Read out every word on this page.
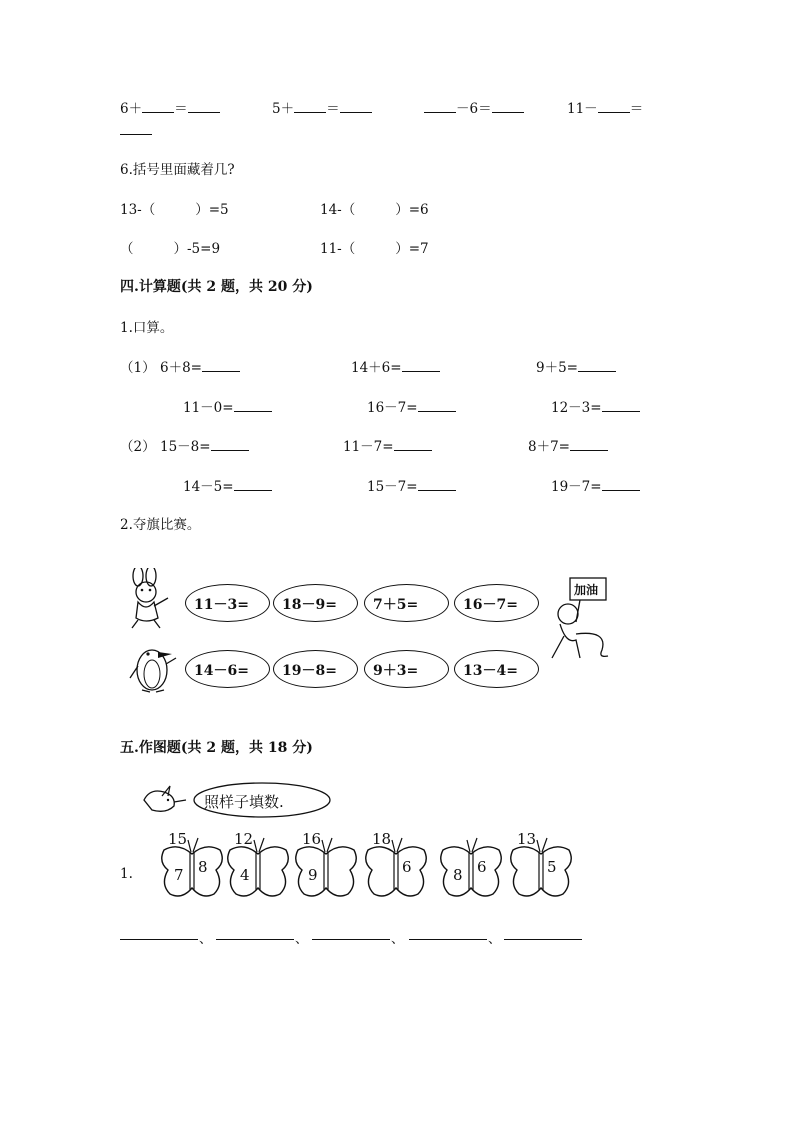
6＋ ＝	5＋ ＝	－6＝	11－ ＝
6.括号里面藏着几?
13-（	）=5	14-（	）=6
（	）-5=9	11-（	）=7
四.计算题(共 2 题，共 20 分)
1.口算。
（1） 6＋8=	14＋6=	9＋5=
11－0=	16－7=	12－3=
（2） 15－8=	11－7=	8＋7=
14－5=	15－7=	19－7=
2.夺旗比赛。
加油
11－3= 18－9=	7＋5=	16－7=
14－6= 19－8=	9＋3=	13－4=
五.作图题(共 2 题，共 18 分)
照样子填数.
1.
15
7 8
12
4
16
9
18
6	8 6
13
5
、	、	、	、
